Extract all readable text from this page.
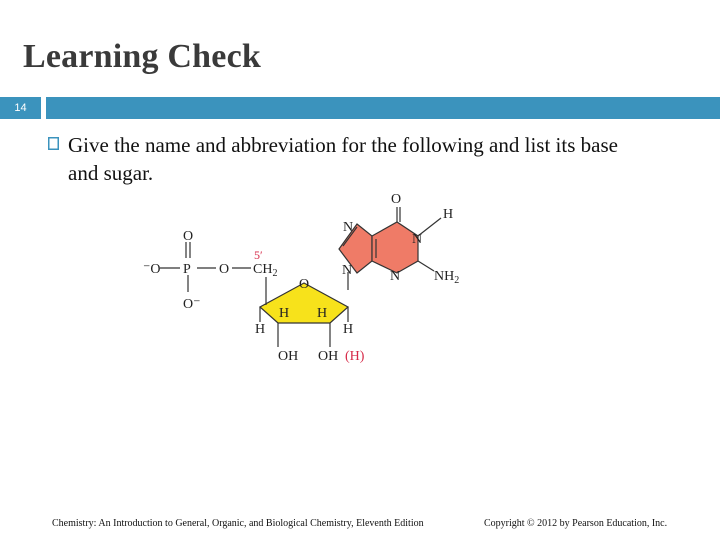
Learning Check
14
Give the name and abbreviation for the following and list its base and sugar.
O
⁻O P O
O⁻
$CH_2$
5′
O
H
H H
H
OH OH (H)
O
H
N
N
N	N $NH_2$
Chemistry: An Introduction to General, Organic, and Biological Chemistry, Eleventh Edition	Copyright © 2012 by Pearson Education, Inc.
